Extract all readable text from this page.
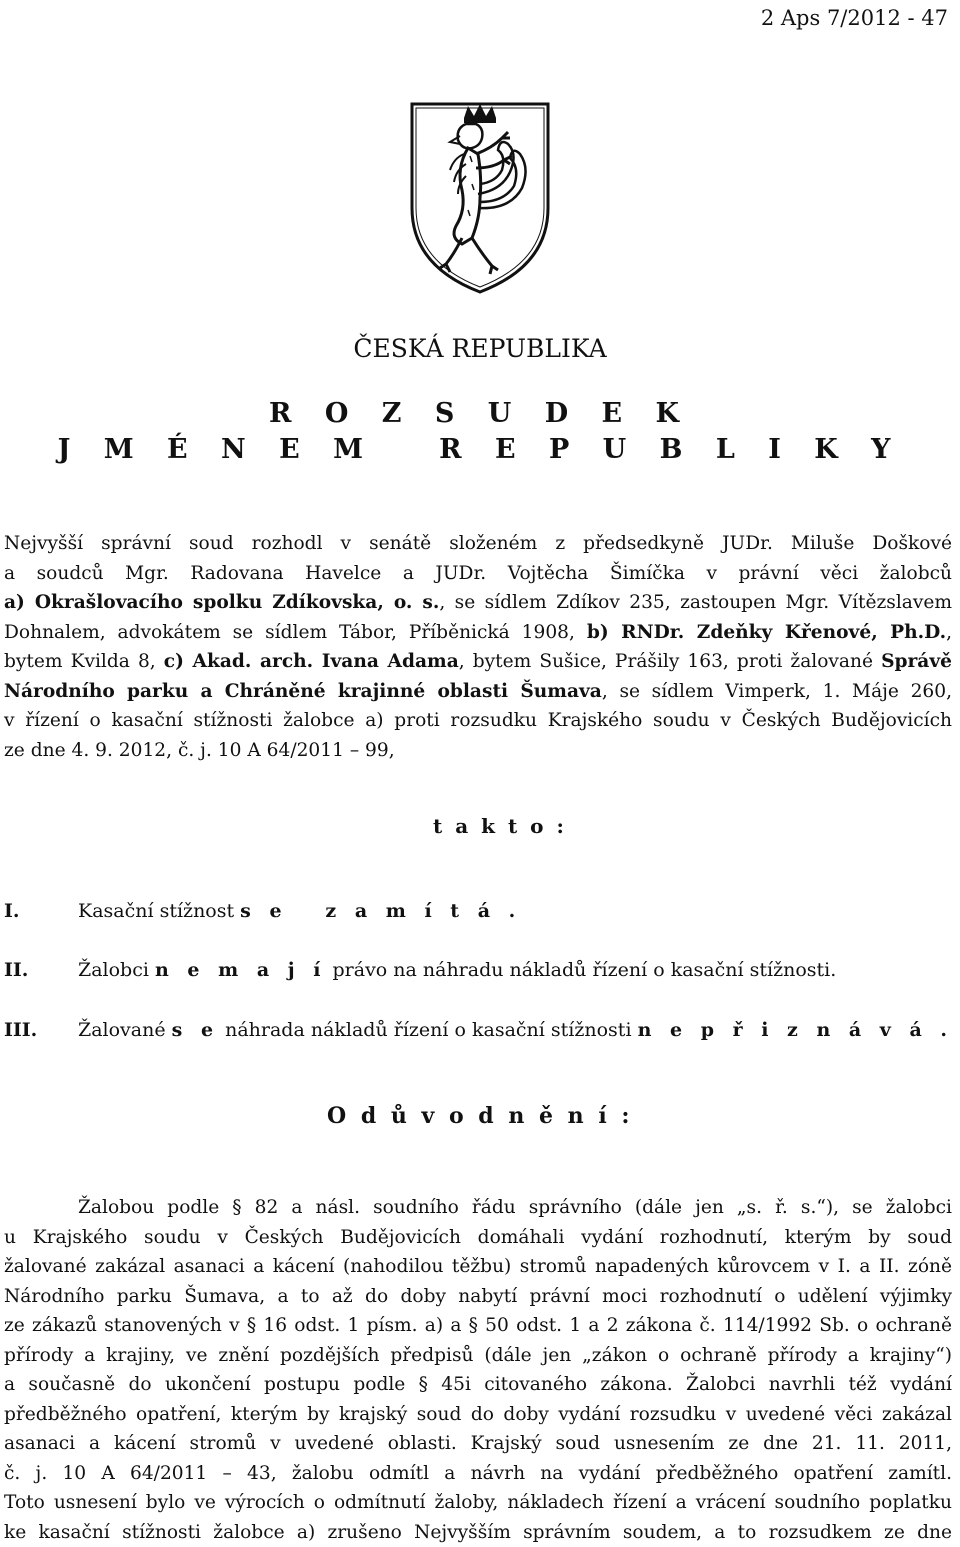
2 Aps 7/2012 - 47
ČESKÁ REPUBLIKA
R O Z S U D E K
J M É N E M   R E P U B L I K Y
Nejvyšší správní soud rozhodl v senátě složeném z předsedkyně JUDr. Miluše Doškové
a soudců Mgr. Radovana Havelce a JUDr. Vojtěcha Šimíčka v právní věci žalobců
a) Okrašlovacího spolku Zdíkovska, o. s., se sídlem Zdíkov 235, zastoupen Mgr. Vítězslavem
Dohnalem, advokátem se sídlem Tábor, Příběnická 1908, b) RNDr. Zdeňky Křenové, Ph.D.,
bytem Kvilda 8, c) Akad. arch. Ivana Adama, bytem Sušice, Prášily 163, proti žalované Správě
Národního parku a Chráněné krajinné oblasti Šumava, se sídlem Vimperk, 1. Máje 260,
v řízení o kasační stížnosti žalobce a) proti rozsudku Krajského soudu v Českých Budějovicích
ze dne 4. 9. 2012, č. j. 10 A 64/2011 – 99,
t a k t o :
I.	Kasační stížnost s e   z a m í t á .
II.	Žalobci n e m a j í právo na náhradu nákladů řízení o kasační stížnosti.
III. Žalované s e náhrada nákladů řízení o kasační stížnosti n e p ř i z n á v á .
O d ů v o d n ě n í :
Žalobou podle § 82 a násl. soudního řádu správního (dále jen „s. ř. s.“), se žalobci
u Krajského soudu v Českých Budějovicích domáhali vydání rozhodnutí, kterým by soud
žalované zakázal asanaci a kácení (nahodilou těžbu) stromů napadených kůrovcem v I. a II. zóně
Národního parku Šumava, a to až do doby nabytí právní moci rozhodnutí o udělení výjimky
ze zákazů stanovených v § 16 odst. 1 písm. a) a § 50 odst. 1 a 2 zákona č. 114/1992 Sb. o ochraně
přírody a krajiny, ve znění pozdějších předpisů (dále jen „zákon o ochraně přírody a krajiny“)
a současně do ukončení postupu podle § 45i citovaného zákona. Žalobci navrhli též vydání
předběžného opatření, kterým by krajský soud do doby vydání rozsudku v uvedené věci zakázal
asanaci a kácení stromů v uvedené oblasti. Krajský soud usnesením ze dne 21. 11. 2011,
č. j. 10 A 64/2011 – 43, žalobu odmítl a návrh na vydání předběžného opatření zamítl.
Toto usnesení bylo ve výrocích o odmítnutí žaloby, nákladech řízení a vrácení soudního poplatku
ke kasační stížnosti žalobce a) zrušeno Nejvyšším správním soudem, a to rozsudkem ze dne
